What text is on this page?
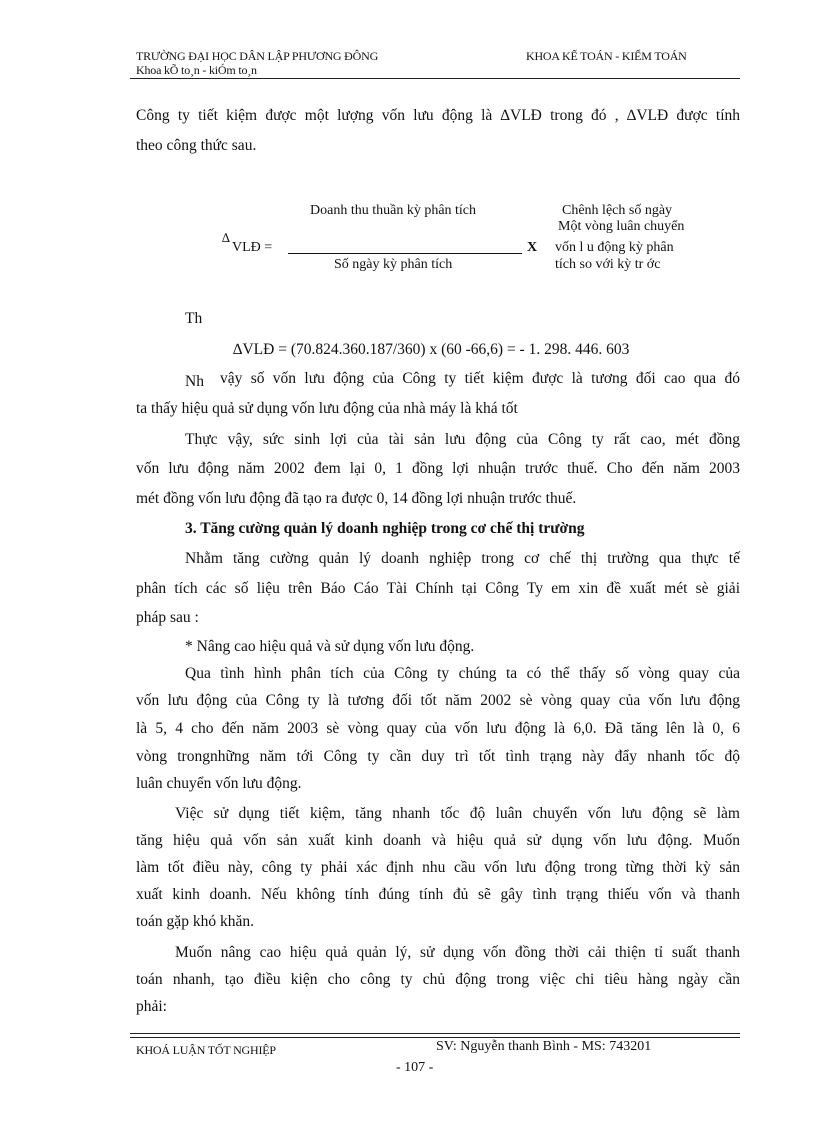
TRƯỜNG ĐẠI HỌC DÂN LẬP PHƯƠNG ĐÔNG
Khoa kÕ to¸n - kiÓm to¸n
KHOA KẾ TOÁN - KIỂM TOÁN
Công ty tiết kiệm được một lượng vốn lưu động là ∆VLĐ trong đó , ∆VLĐ được tính
theo công thức sau.
∆
VLĐ =
Doanh thu thuần kỳ phân tích
Số ngày kỳ phân tích
X
Chênh lệch số ngày
Một vòng luân chuyển
vốn l u động kỳ phân
tích so với kỳ tr ớc
Th
∆VLĐ = (70.824.360.187/360) x (60 -66,6) = - 1. 298. 446. 603
Nh vậy số vốn lưu động của Công ty tiết kiệm được là tương đối cao qua đó
ta thấy hiệu quả sử dụng vốn lưu động của nhà máy là khá tốt
Thực vậy, sức sinh lợi của tài sản lưu động của Công ty rất cao, mét đồng
vốn lưu động năm 2002 đem lại 0, 1 đồng lợi nhuận trước thuế. Cho đến năm 2003
mét đồng vốn lưu động đã tạo ra được 0, 14 đồng lợi nhuận trước thuế.
3. Tăng cường quản lý doanh nghiệp trong cơ chế thị trường
Nhằm tăng cường quản lý doanh nghiệp trong cơ chế thị trường qua thực tế
phân tích các số liệu trên Báo Cáo Tài Chính tại Công Ty em xin đề xuất mét sè giải
pháp sau :
* Nâng cao hiệu quả và sử dụng vốn lưu động.
Qua tình hình phân tích của Công ty chúng ta có thể thấy số vòng quay của
vốn lưu động của Công ty là tương đối tốt năm 2002 sè vòng quay của vốn lưu động
là 5, 4 cho đến năm 2003 sè vòng quay của vốn lưu động là 6,0. Đã tăng lên là 0, 6
vòng trongnhững năm tới Công ty cần duy trì tốt tình trạng này đẩy nhanh tốc độ
luân chuyển vốn lưu động.
Việc sử dụng tiết kiệm, tăng nhanh tốc độ luân chuyển vốn lưu động sẽ làm
tăng hiệu quả vốn sản xuất kinh doanh và hiệu quả sử dụng vốn lưu động. Muốn
làm tốt điều này, công ty phải xác định nhu cầu vốn lưu động trong từng thời kỳ sản
xuất kinh doanh. Nếu không tính đúng tính đủ sẽ gây tình trạng thiếu vốn và thanh
toán gặp khó khăn.
Muốn nâng cao hiệu quả quản lý, sử dụng vốn đồng thời cải thiện tỉ suất thanh
toán nhanh, tạo điều kiện cho công ty chủ động trong việc chi tiêu hàng ngày cần
phải:
KHOÁ LUẬN TỐT NGHIỆP	SV: Nguyễn thanh Bình - MS: 743201
- 107 -
